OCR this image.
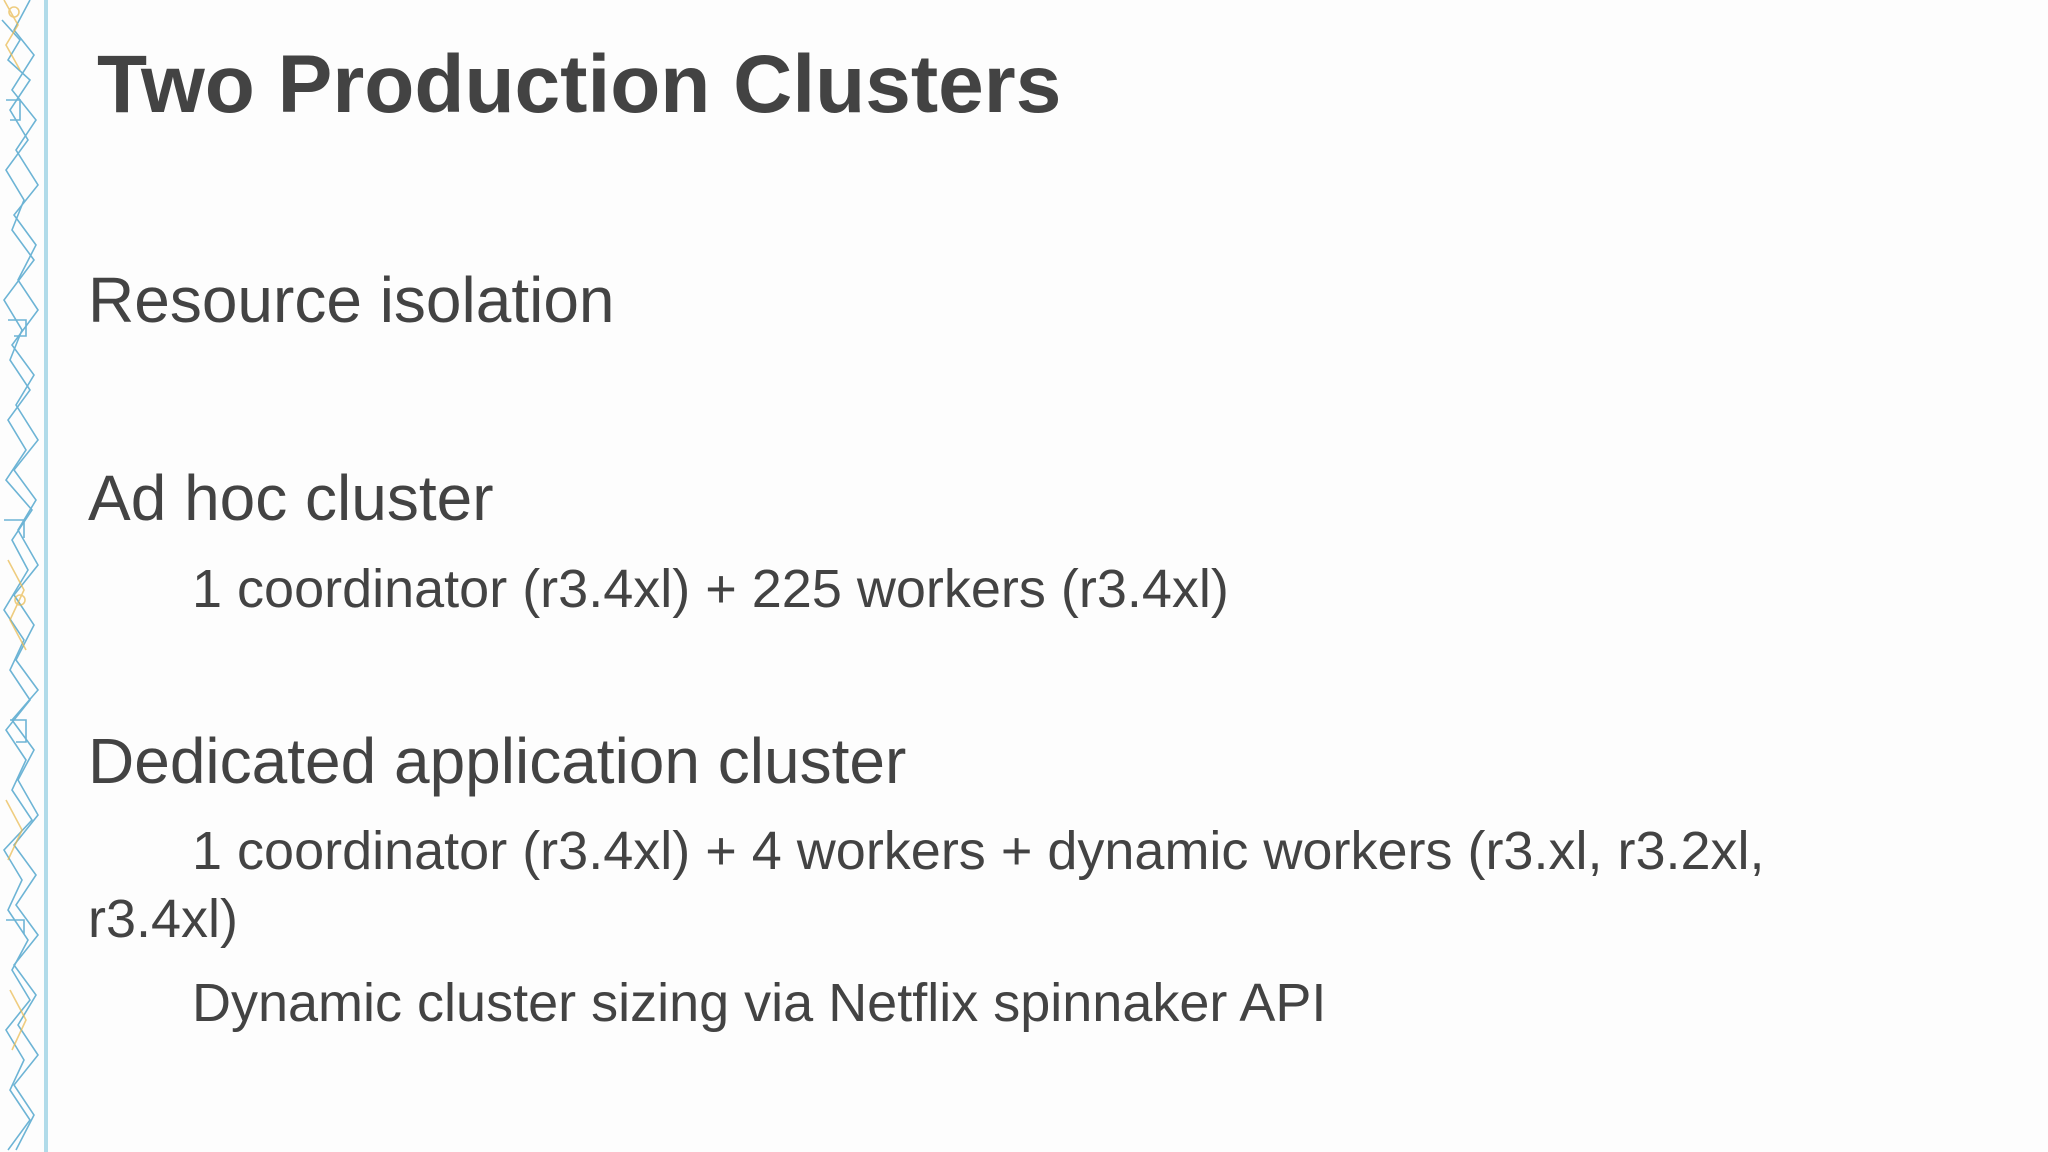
Two Production Clusters
Resource isolation
Ad hoc cluster

1 coordinator (r3.4xl) + 225 workers (r3.4xl)

Dedicated application cluster

1 coordinator (r3.4xl) + 4 workers + dynamic workers (r3.xl, r3.2xl, r3.4xl)

Dynamic cluster sizing via Netflix spinnaker API
